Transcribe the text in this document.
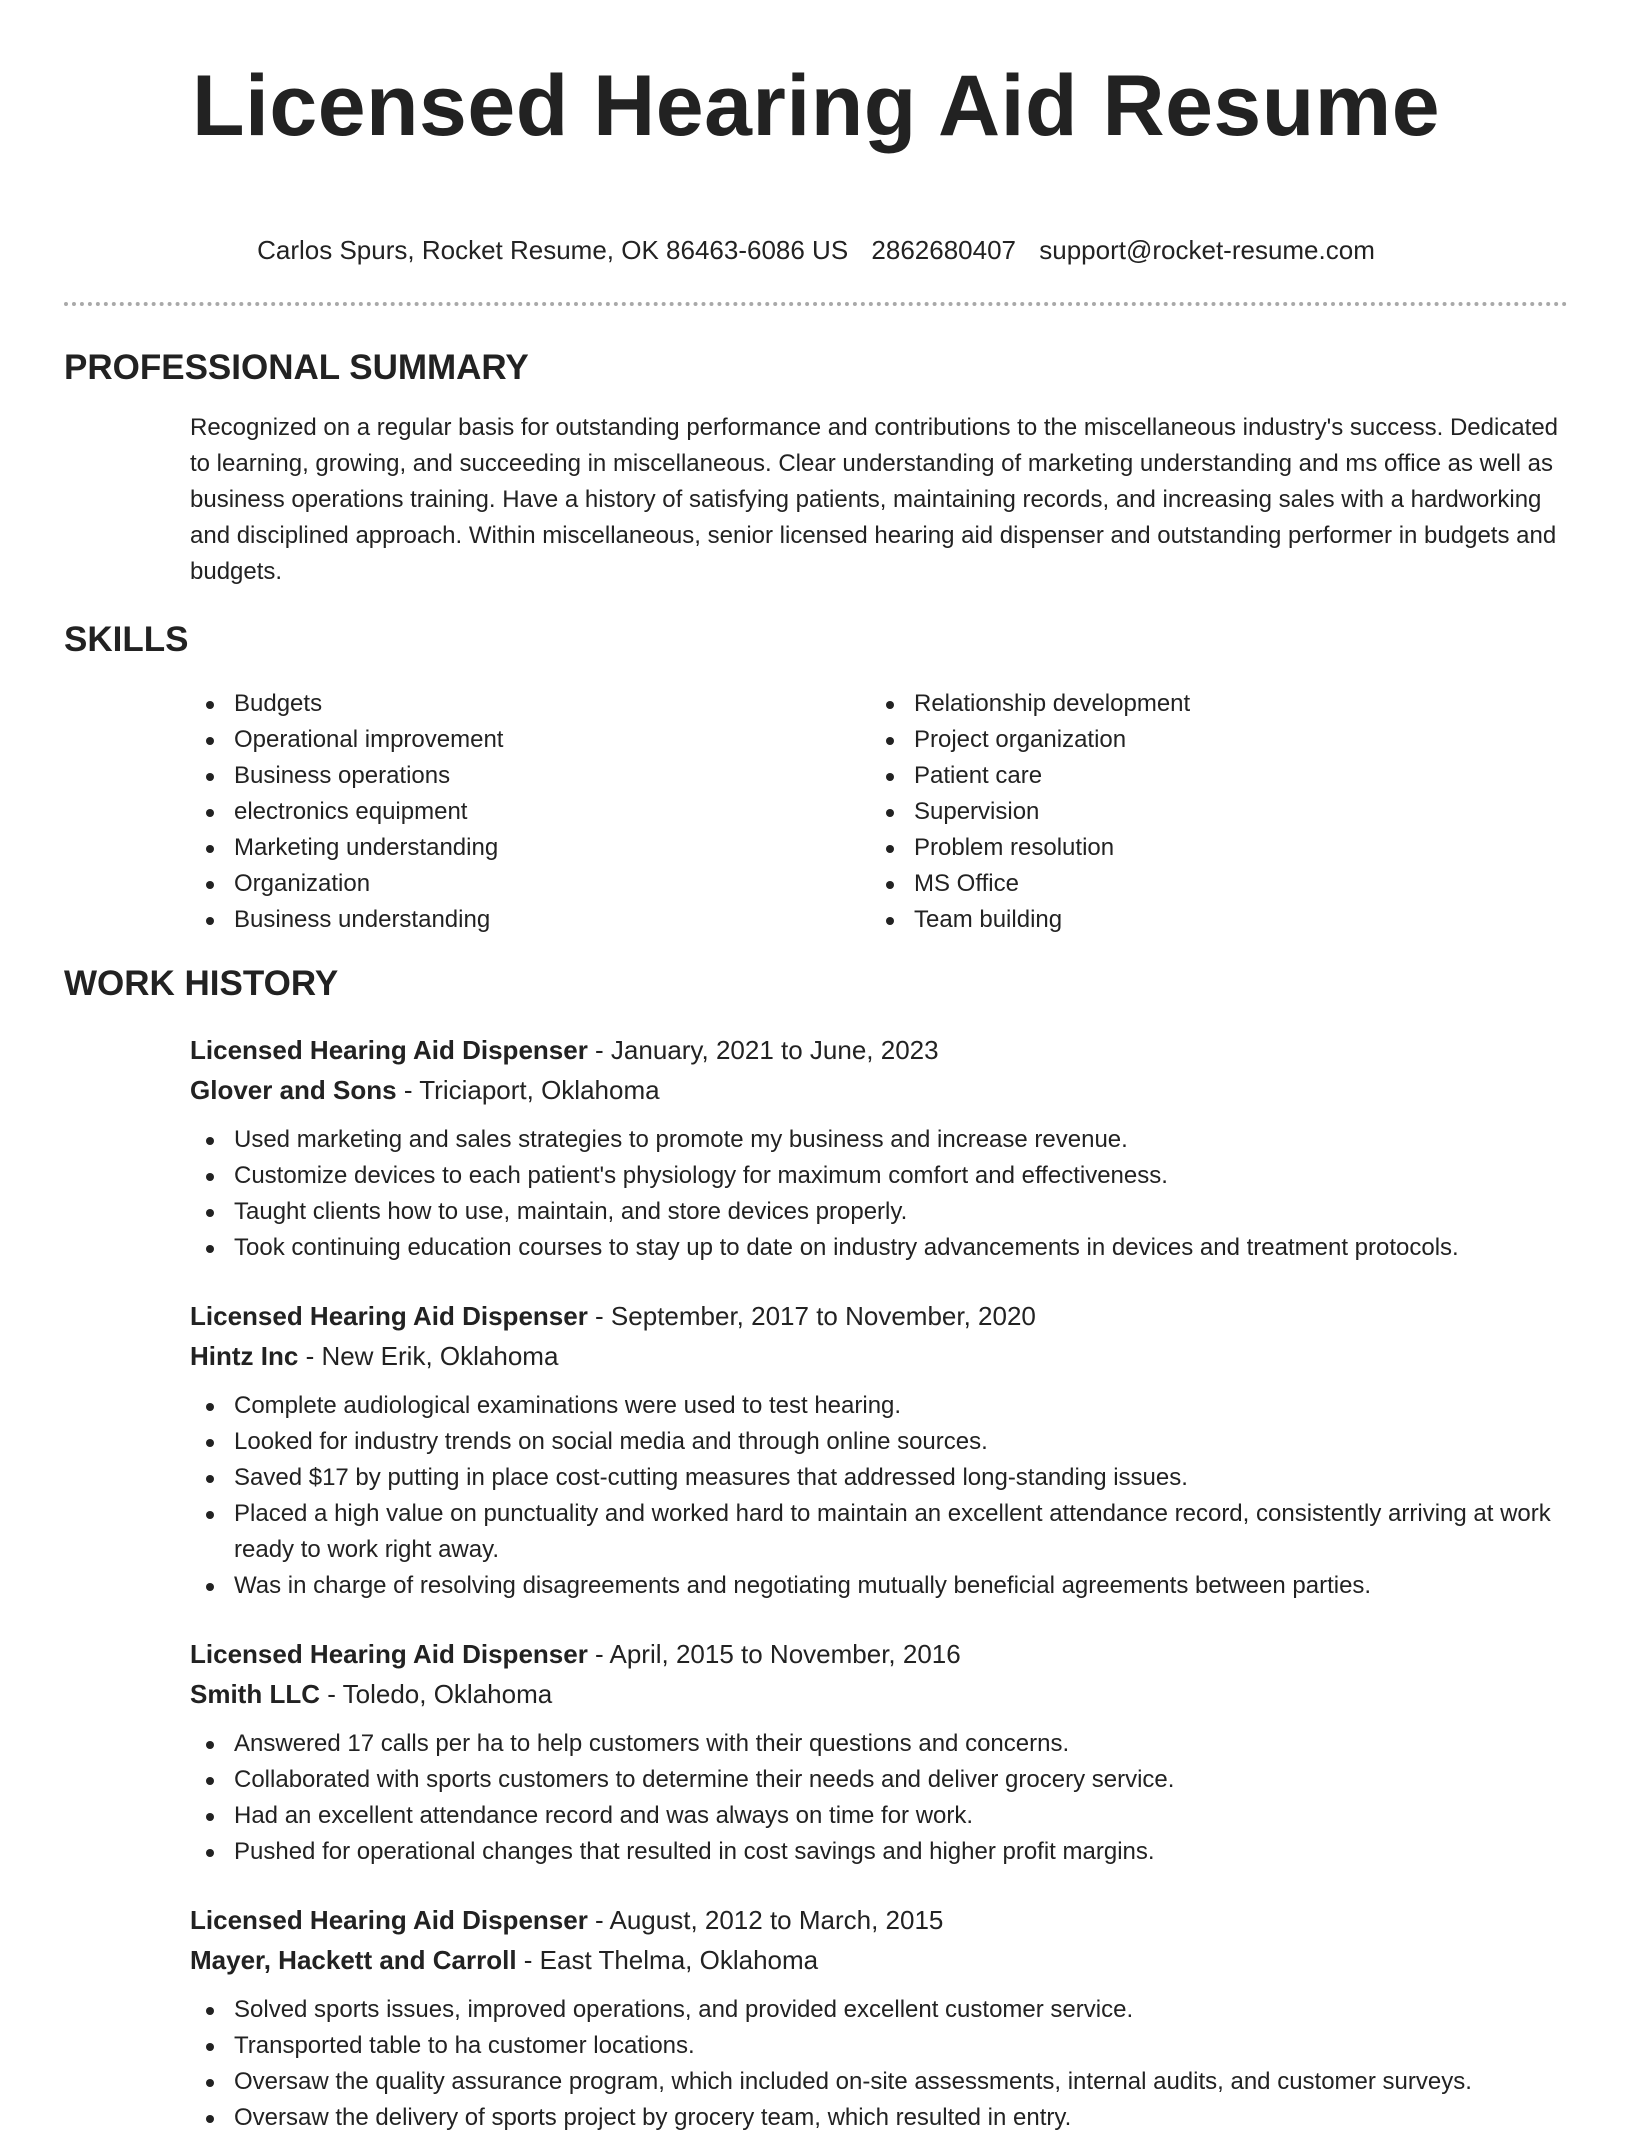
Licensed Hearing Aid Resume
Carlos Spurs, Rocket Resume, OK 86463-6086 US 2862680407 support@rocket-resume.com
PROFESSIONAL SUMMARY

Recognized on a regular basis for outstanding performance and contributions to the miscellaneous industry's success. Dedicated to learning, growing, and succeeding in miscellaneous. Clear understanding of marketing understanding and ms office as well as business operations training. Have a history of satisfying patients, maintaining records, and increasing sales with a hardworking and disciplined approach. Within miscellaneous, senior licensed hearing aid dispenser and outstanding performer in budgets and budgets.

SKILLS
Budgets
Operational improvement
Business operations
electronics equipment
Marketing understanding
Organization
Business understanding
Relationship development
Project organization
Patient care
Supervision
Problem resolution
MS Office
Team building
WORK HISTORY
Licensed Hearing Aid Dispenser - January, 2021 to June, 2023
Glover and Sons - Triciaport, Oklahoma
Used marketing and sales strategies to promote my business and increase revenue.
Customize devices to each patient's physiology for maximum comfort and effectiveness.
Taught clients how to use, maintain, and store devices properly.
Took continuing education courses to stay up to date on industry advancements in devices and treatment protocols.
Licensed Hearing Aid Dispenser - September, 2017 to November, 2020
Hintz Inc - New Erik, Oklahoma
Complete audiological examinations were used to test hearing.
Looked for industry trends on social media and through online sources.
Saved $17 by putting in place cost-cutting measures that addressed long-standing issues.
Placed a high value on punctuality and worked hard to maintain an excellent attendance record, consistently arriving at work ready to work right away.
Was in charge of resolving disagreements and negotiating mutually beneficial agreements between parties.
Licensed Hearing Aid Dispenser - April, 2015 to November, 2016
Smith LLC - Toledo, Oklahoma
Answered 17 calls per ha to help customers with their questions and concerns.
Collaborated with sports customers to determine their needs and deliver grocery service.
Had an excellent attendance record and was always on time for work.
Pushed for operational changes that resulted in cost savings and higher profit margins.
Licensed Hearing Aid Dispenser - August, 2012 to March, 2015
Mayer, Hackett and Carroll - East Thelma, Oklahoma
Solved sports issues, improved operations, and provided excellent customer service.
Transported table to ha customer locations.
Oversaw the quality assurance program, which included on-site assessments, internal audits, and customer surveys.
Oversaw the delivery of sports project by grocery team, which resulted in entry.
